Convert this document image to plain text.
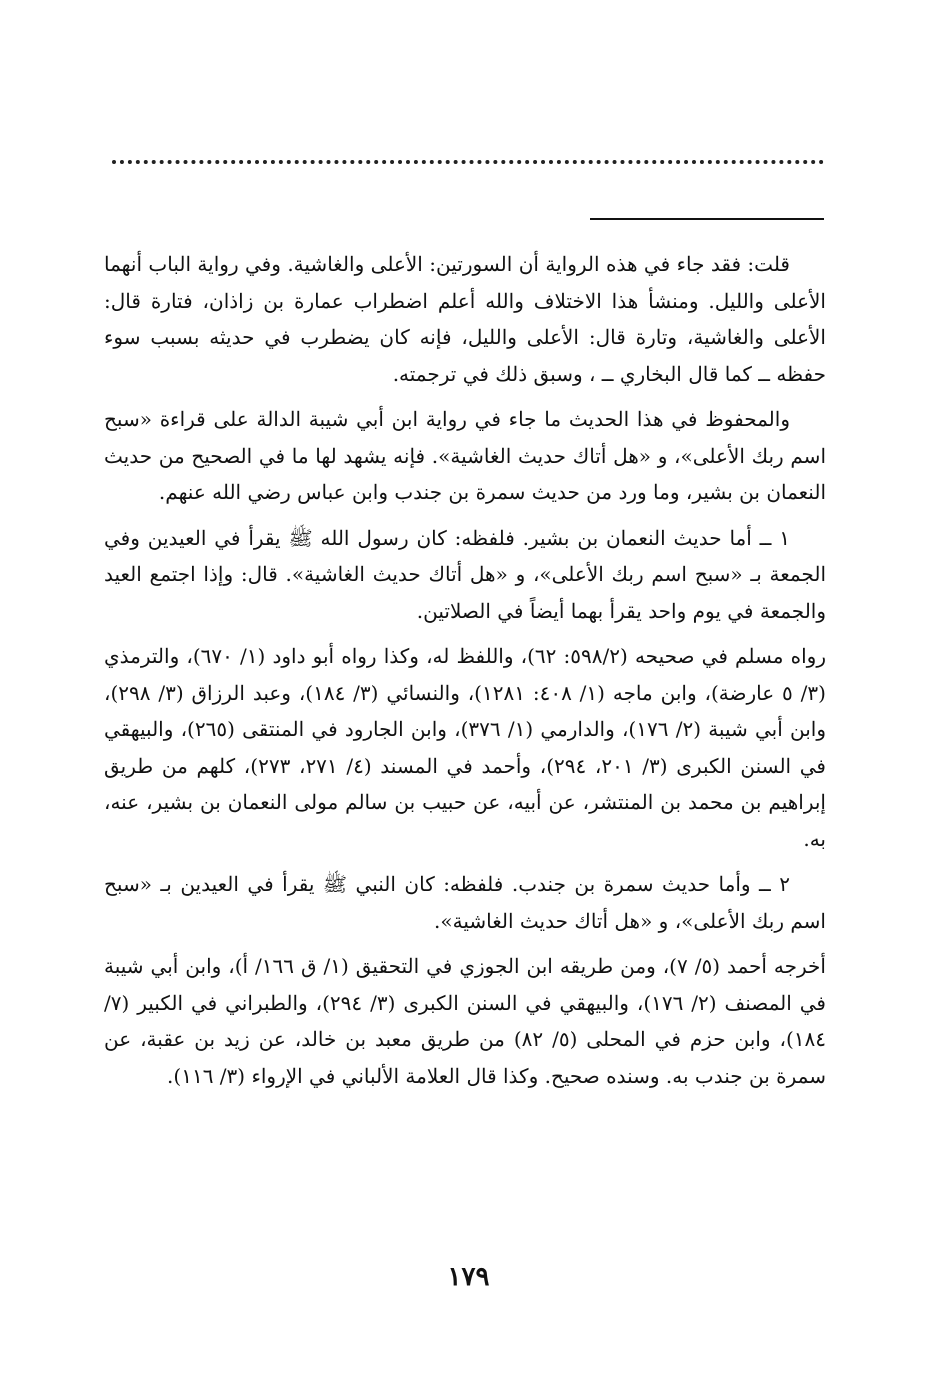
قلت: فقد جاء في هذه الرواية أن السورتين: الأعلى والغاشية. وفي رواية الباب أنهما الأعلى والليل. ومنشأ هذا الاختلاف والله أعلم اضطراب عمارة بن زاذان، فتارة قال: الأعلى والغاشية، وتارة قال: الأعلى والليل، فإنه كان يضطرب في حديثه بسبب سوء حفظه ــ كما قال البخاري ــ ، وسبق ذلك في ترجمته.

والمحفوظ في هذا الحديث ما جاء في رواية ابن أبي شيبة الدالة على قراءة «سبح اسم ربك الأعلى»، و «هل أتاك حديث الغاشية». فإنه يشهد لها ما في الصحيح من حديث النعمان بن بشير، وما ورد من حديث سمرة بن جندب وابن عباس رضي الله عنهم.

١ ــ أما حديث النعمان بن بشير. فلفظه: كان رسول الله ﷺ يقرأ في العيدين وفي الجمعة بـ «سبح اسم ربك الأعلى»، و «هل أتاك حديث الغاشية». قال: وإذا اجتمع العيد والجمعة في يوم واحد يقرأ بهما أيضاً في الصلاتين.

رواه مسلم في صحيحه (٥٩٨/٢: ٦٢)، واللفظ له، وكذا رواه أبو داود (١/ ٦٧٠)، والترمذي (٣/ ٥ عارضة)، وابن ماجه (١/ ٤٠٨: ١٢٨١)، والنسائي (٣/ ١٨٤)، وعبد الرزاق (٣/ ٢٩٨)، وابن أبي شيبة (٢/ ١٧٦)، والدارمي (١/ ٣٧٦)، وابن الجارود في المنتقى (٢٦٥)، والبيهقي في السنن الكبرى (٣/ ٢٠١، ٢٩٤)، وأحمد في المسند (٤/ ٢٧١، ٢٧٣)، كلهم من طريق إبراهيم بن محمد بن المنتشر، عن أبيه، عن حبيب بن سالم مولى النعمان بن بشير، عنه، به.

٢ ــ وأما حديث سمرة بن جندب. فلفظه: كان النبي ﷺ يقرأ في العيدين بـ «سبح اسم ربك الأعلى»، و «هل أتاك حديث الغاشية».

أخرجه أحمد (٥/ ٧)، ومن طريقه ابن الجوزي في التحقيق (١/ ق ١٦٦/ أ)، وابن أبي شيبة في المصنف (٢/ ١٧٦)، والبيهقي في السنن الكبرى (٣/ ٢٩٤)، والطبراني في الكبير (٧/ ١٨٤)، وابن حزم في المحلى (٥/ ٨٢) من طريق معبد بن خالد، عن زيد بن عقبة، عن سمرة بن جندب به. وسنده صحيح. وكذا قال العلامة الألباني في الإرواء (٣/ ١١٦).

١٧٩
